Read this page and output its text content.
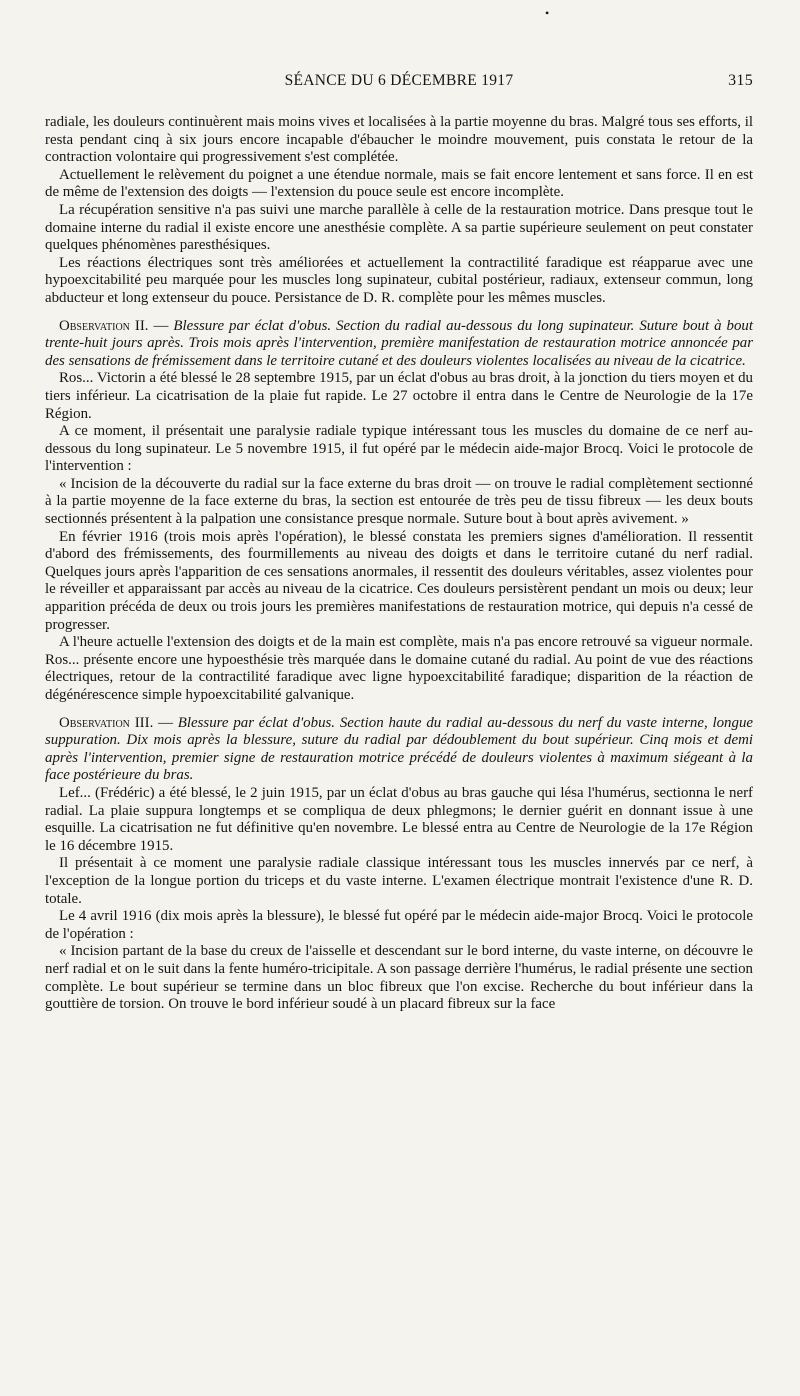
•
SÉANCE DU 6 DÉCEMBRE 1917	315

radiale, les douleurs continuèrent mais moins vives et localisées à la partie moyenne du bras. Malgré tous ses efforts, il resta pendant cinq à six jours encore incapable d'ébaucher le moindre mouvement, puis constata le retour de la contraction volontaire qui progressivement s'est complétée.

Actuellement le relèvement du poignet a une étendue normale, mais se fait encore lentement et sans force. Il en est de même de l'extension des doigts — l'extension du pouce seule est encore incomplète.

La récupération sensitive n'a pas suivi une marche parallèle à celle de la restauration motrice. Dans presque tout le domaine interne du radial il existe encore une anesthésie complète. A sa partie supérieure seulement on peut constater quelques phénomènes paresthésiques.

Les réactions électriques sont très améliorées et actuellement la contractilité faradique est réapparue avec une hypoexcitabilité peu marquée pour les muscles long supinateur, cubital postérieur, radiaux, extenseur commun, long abducteur et long extenseur du pouce. Persistance de D. R. complète pour les mêmes muscles.

Observation II. — Blessure par éclat d'obus. Section du radial au-dessous du long supinateur. Suture bout à bout trente-huit jours après. Trois mois après l'intervention, première manifestation de restauration motrice annoncée par des sensations de frémissement dans le territoire cutané et des douleurs violentes localisées au niveau de la cicatrice.

Ros... Victorin a été blessé le 28 septembre 1915, par un éclat d'obus au bras droit, à la jonction du tiers moyen et du tiers inférieur. La cicatrisation de la plaie fut rapide. Le 27 octobre il entra dans le Centre de Neurologie de la 17e Région.

A ce moment, il présentait une paralysie radiale typique intéressant tous les muscles du domaine de ce nerf au-dessous du long supinateur. Le 5 novembre 1915, il fut opéré par le médecin aide-major Brocq. Voici le protocole de l'intervention :

« Incision de la découverte du radial sur la face externe du bras droit — on trouve le radial complètement sectionné à la partie moyenne de la face externe du bras, la section est entourée de très peu de tissu fibreux — les deux bouts sectionnés présentent à la palpation une consistance presque normale. Suture bout à bout après avivement. »

En février 1916 (trois mois après l'opération), le blessé constata les premiers signes d'amélioration. Il ressentit d'abord des frémissements, des fourmillements au niveau des doigts et dans le territoire cutané du nerf radial. Quelques jours après l'apparition de ces sensations anormales, il ressentit des douleurs véritables, assez violentes pour le réveiller et apparaissant par accès au niveau de la cicatrice. Ces douleurs persistèrent pendant un mois ou deux; leur apparition précéda de deux ou trois jours les premières manifestations de restauration motrice, qui depuis n'a cessé de progresser.

A l'heure actuelle l'extension des doigts et de la main est complète, mais n'a pas encore retrouvé sa vigueur normale. Ros... présente encore une hypoesthésie très marquée dans le domaine cutané du radial. Au point de vue des réactions électriques, retour de la contractilité faradique avec ligne hypoexcitabilité faradique; disparition de la réaction de dégénérescence simple hypoexcitabilité galvanique.

Observation III. — Blessure par éclat d'obus. Section haute du radial au-dessous du nerf du vaste interne, longue suppuration. Dix mois après la blessure, suture du radial par dédoublement du bout supérieur. Cinq mois et demi après l'intervention, premier signe de restauration motrice précédé de douleurs violentes à maximum siégeant à la face postérieure du bras.

Lef... (Frédéric) a été blessé, le 2 juin 1915, par un éclat d'obus au bras gauche qui lésa l'humérus, sectionna le nerf radial. La plaie suppura longtemps et se compliqua de deux phlegmons; le dernier guérit en donnant issue à une esquille. La cicatrisation ne fut définitive qu'en novembre. Le blessé entra au Centre de Neurologie de la 17e Région le 16 décembre 1915.

Il présentait à ce moment une paralysie radiale classique intéressant tous les muscles innervés par ce nerf, à l'exception de la longue portion du triceps et du vaste interne. L'examen électrique montrait l'existence d'une R. D. totale.

Le 4 avril 1916 (dix mois après la blessure), le blessé fut opéré par le médecin aide-major Brocq. Voici le protocole de l'opération :

« Incision partant de la base du creux de l'aisselle et descendant sur le bord interne, du vaste interne, on découvre le nerf radial et on le suit dans la fente huméro-tricipitale. A son passage derrière l'humérus, le radial présente une section complète. Le bout supérieur se termine dans un bloc fibreux que l'on excise. Recherche du bout inférieur dans la gouttière de torsion. On trouve le bord inférieur soudé à un placard fibreux sur la face
